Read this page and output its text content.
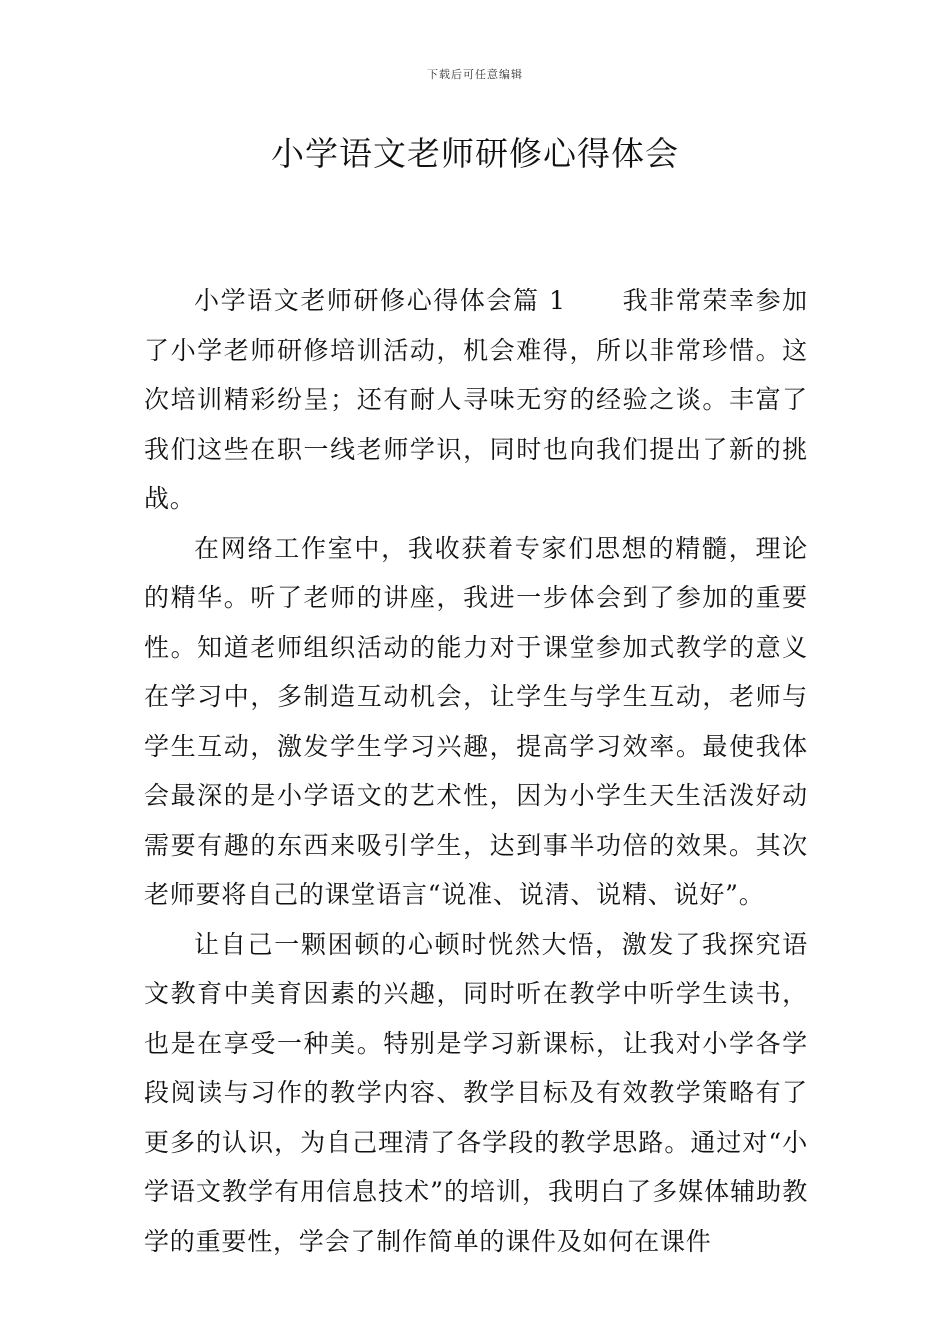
下载后可任意编辑
小学语文老师研修心得体会

小学语文老师研修心得体会篇 1 我非常荣幸参加了小学老师研修培训活动，机会难得，所以非常珍惜。这次培训精彩纷呈；还有耐人寻味无穷的经验之谈。丰富了我们这些在职一线老师学识，同时也向我们提出了新的挑战。

在网络工作室中，我收获着专家们思想的精髓，理论的精华。听了老师的讲座，我进一步体会到了参加的重要性。知道老师组织活动的能力对于课堂参加式教学的意义在学习中，多制造互动机会，让学生与学生互动，老师与学生互动，激发学生学习兴趣，提高学习效率。最使我体会最深的是小学语文的艺术性，因为小学生天生活泼好动需要有趣的东西来吸引学生，达到事半功倍的效果。其次老师要将自己的课堂语言“说准、说清、说精、说好”。

让自己一颗困顿的心顿时恍然大悟，激发了我探究语文教育中美育因素的兴趣，同时听在教学中听学生读书，也是在享受一种美。特别是学习新课标，让我对小学各学段阅读与习作的教学内容、教学目标及有效教学策略有了更多的认识，为自己理清了各学段的教学思路。通过对“小学语文教学有用信息技术”的培训，我明白了多媒体辅助教学的重要性，学会了制作简单的课件及如何在课件
